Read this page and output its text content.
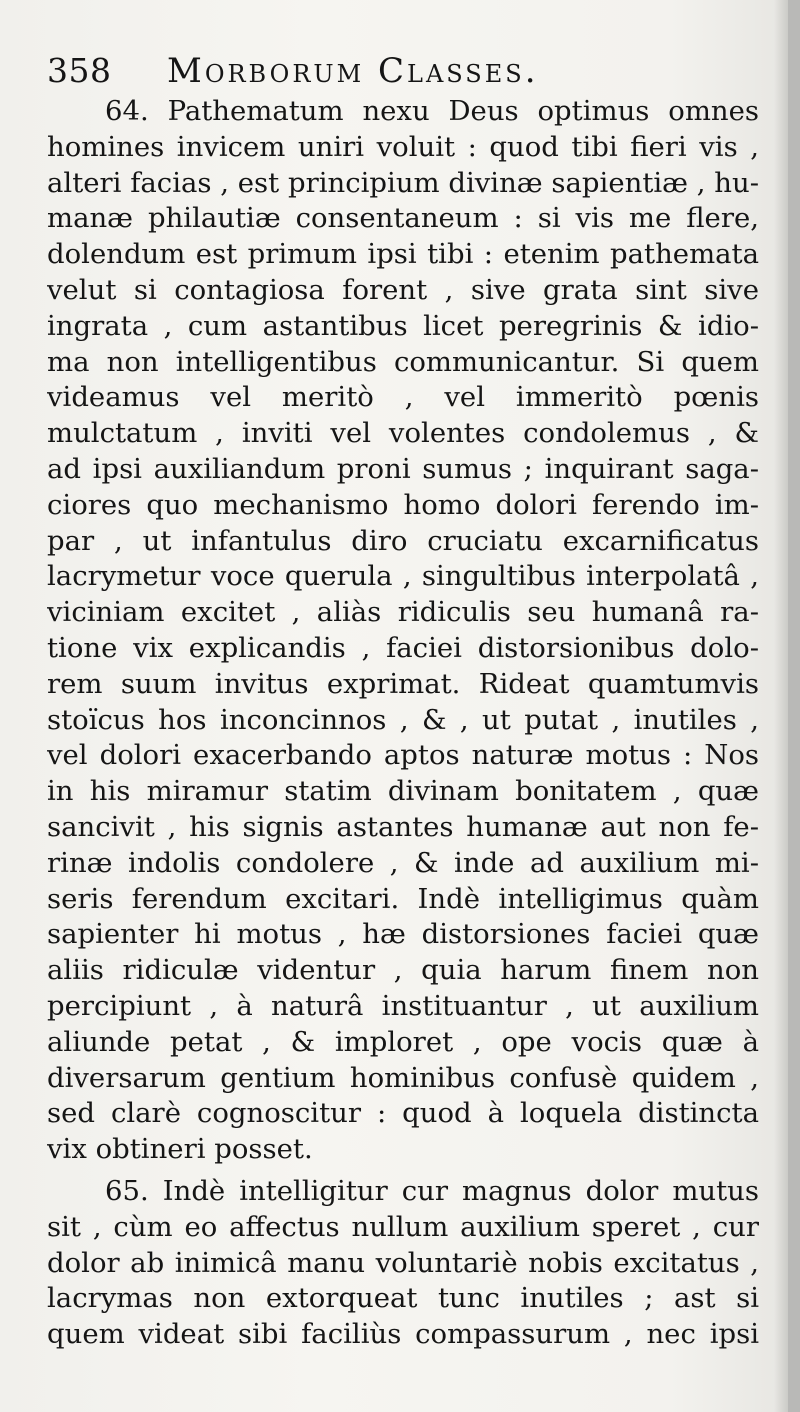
358 Morborum Classes.
64. Pathematum nexu Deus optimus omnes
homines invicem uniri voluit : quod tibi fieri vis ,
alteri facias , est principium divinæ sapientiæ , hu-
manæ philautiæ consentaneum : si vis me flere,
dolendum est primum ipsi tibi : etenim pathemata
velut si contagiosa forent , sive grata sint sive
ingrata , cum astantibus licet peregrinis & idio-
ma non intelligentibus communicantur. Si quem
videamus vel meritò , vel immeritò pœnis
mulctatum , inviti vel volentes condolemus , &
ad ipsi auxiliandum proni sumus ; inquirant saga-
ciores quo mechanismo homo dolori ferendo im-
par , ut infantulus diro cruciatu excarnificatus
lacrymetur voce querula , singultibus interpolatâ ,
viciniam excitet , aliàs ridiculis seu humanâ ra-
tione vix explicandis , faciei distorsionibus dolo-
rem suum invitus exprimat. Rideat quamtumvis
stoïcus hos inconcinnos , & , ut putat , inutiles ,
vel dolori exacerbando aptos naturæ motus : Nos
in his miramur statim divinam bonitatem , quæ
sancivit , his signis astantes humanæ aut non fe-
rinæ indolis condolere , & inde ad auxilium mi-
seris ferendum excitari. Indè intelligimus quàm
sapienter hi motus , hæ distorsiones faciei quæ
aliis ridiculæ videntur , quia harum finem non
percipiunt , à naturâ instituantur , ut auxilium
aliunde petat , & imploret , ope vocis quæ à
diversarum gentium hominibus confusè quidem ,
sed clarè cognoscitur : quod à loquela distincta
vix obtineri posset.
65. Indè intelligitur cur magnus dolor mutus
sit , cùm eo affectus nullum auxilium speret , cur
dolor ab inimicâ manu voluntariè nobis excitatus ,
lacrymas non extorqueat tunc inutiles ; ast si
quem videat sibi faciliùs compassurum , nec ipsi
